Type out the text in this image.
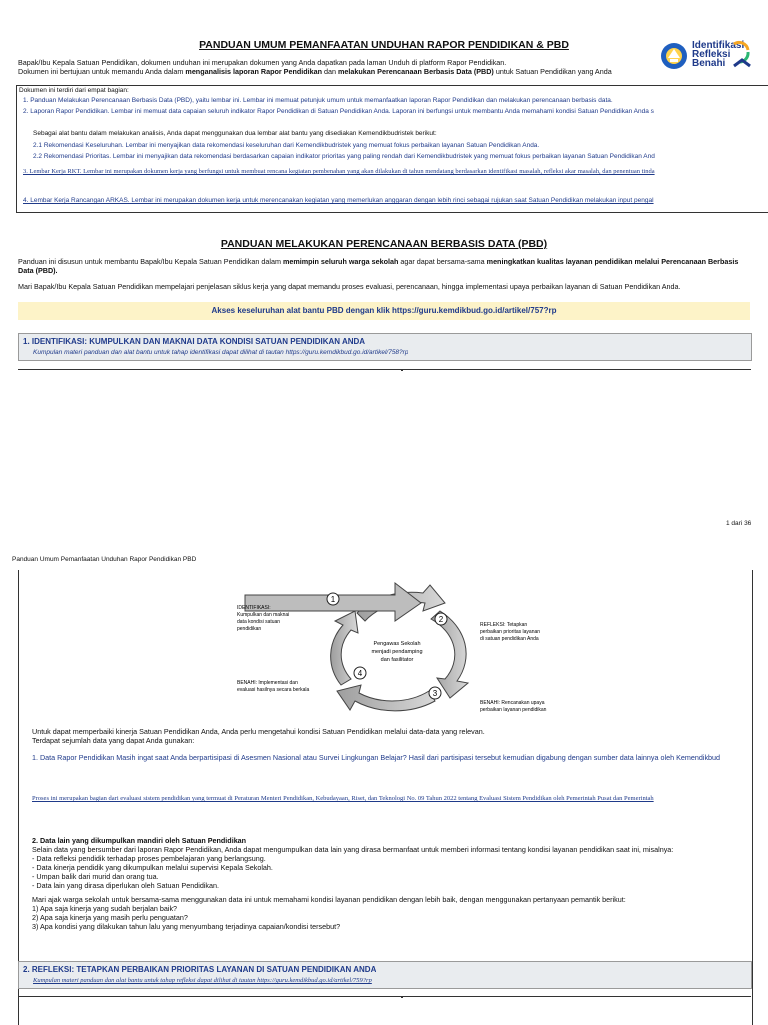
PANDUAN UMUM PEMANFAATAN UNDUHAN RAPOR PENDIDIKAN & PBD	Identifikasi
Refleksi
Benahi
Bapak/Ibu Kepala Satuan Pendidikan, dokumen unduhan ini merupakan dokumen yang Anda dapatkan pada laman Unduh di platform Rapor Pendidikan.
Dokumen ini bertujuan untuk memandu Anda dalam menganalisis laporan Rapor Pendidikan dan melakukan Perencanaan Berbasis Data (PBD) untuk Satuan Pendidikan yang Anda
Dokumen ini terdiri dari empat bagian:
1. Panduan Melakukan Perencanaan Berbasis Data (PBD), yaitu lembar ini. Lembar ini memuat petunjuk umum untuk memanfaatkan laporan Rapor Pendidikan dan melakukan perencanaan berbasis data.
2. Laporan Rapor Pendidikan. Lembar ini memuat data capaian seluruh indikator Rapor Pendidikan di Satuan Pendidikan Anda. Laporan ini berfungsi untuk membantu Anda memahami kondisi Satuan Pendidikan Anda s
Sebagai alat bantu dalam melakukan analisis, Anda dapat menggunakan dua lembar alat bantu yang disediakan Kemendikbudristek berikut:
2.1 Rekomendasi Keseluruhan. Lembar ini menyajikan data rekomendasi keseluruhan dari Kemendikbudristek yang memuat fokus perbaikan layanan Satuan Pendidikan Anda.
2.2 Rekomendasi Prioritas. Lembar ini menyajikan data rekomendasi berdasarkan capaian indikator prioritas yang paling rendah dari Kemendikbudristek yang memuat fokus perbaikan layanan Satuan Pendidikan And
3. Lembar Kerja RKT. Lembar ini merupakan dokumen kerja yang berfungsi untuk membuat rencana kegiatan pembenahan yang akan dilakukan di tahun mendatang berdasarkan identifikasi masalah, refleksi akar masalah, dan penentuan tinda
4. Lembar Kerja Rancangan ARKAS. Lembar ini merupakan dokumen kerja untuk merencanakan kegiatan yang memerlukan anggaran dengan lebih rinci sebagai rujukan saat Satuan Pendidikan melakukan input pengal
PANDUAN MELAKUKAN PERENCANAAN BERBASIS DATA (PBD)
Panduan ini disusun untuk membantu Bapak/Ibu Kepala Satuan Pendidikan dalam memimpin seluruh warga sekolah agar dapat bersama-sama meningkatkan kualitas layanan pendidikan melalui Perencanaan Berbasis Data (PBD).
Mari Bapak/Ibu Kepala Satuan Pendidikan mempelajari penjelasan siklus kerja yang dapat memandu proses evaluasi, perencanaan, hingga implementasi upaya perbaikan layanan di Satuan Pendidikan Anda.
Akses keseluruhan alat bantu PBD dengan klik https://guru.kemdikbud.go.id/artikel/757?rp
1. IDENTIFIKASI: KUMPULKAN DAN MAKNAI DATA KONDISI SATUAN PENDIDIKAN ANDA
Kumpulan materi panduan dan alat bantu untuk tahap identifikasi dapat dilihat di tautan https://guru.kemdikbud.go.id/artikel/758?rp
1 dari 36
Panduan Umum Pemanfaatan Unduhan Rapor Pendidikan PBD
1
2
3
4
Pengawas Sekolah
menjadi pendamping
dan fasilitator
IDENTIFIKASI:
Kumpulkan dan maknai
data kondisi satuan
pendidikan
REFLEKSI: Tetapkan
perbaikan prioritas layanan
di satuan pendidikan Anda
BENAHI: Rencanakan upaya
perbaikan layanan pendidikan
BENAHI: Implementasi dan
evaluasi hasilnya secara berkala
Untuk dapat memperbaiki kinerja Satuan Pendidikan Anda, Anda perlu mengetahui kondisi Satuan Pendidikan melalui data-data yang relevan.
Terdapat sejumlah data yang dapat Anda gunakan:
1. Data Rapor Pendidikan Masih ingat saat Anda berpartisipasi di Asesmen Nasional atau Survei Lingkungan Belajar? Hasil dari partisipasi tersebut kemudian digabung dengan sumber data lainnya oleh Kemendikbud
Proses ini merupakan bagian dari evaluasi sistem pendidikan yang termuat di Peraturan Menteri Pendidikan, Kebudayaan, Riset, dan Teknologi No. 09 Tahun 2022 tentang Evaluasi Sistem Pendidikan oleh Pemerintah Pusat dan Pemerintah
2. Data lain yang dikumpulkan mandiri oleh Satuan Pendidikan
Selain data yang bersumber dari laporan Rapor Pendidikan, Anda dapat mengumpulkan data lain yang dirasa bermanfaat untuk memberi informasi tentang kondisi layanan pendidikan saat ini, misalnya:
- Data refleksi pendidik terhadap proses pembelajaran yang berlangsung.
- Data kinerja pendidik yang dikumpulkan melalui supervisi Kepala Sekolah.
- Umpan balik dari murid dan orang tua.
- Data lain yang dirasa diperlukan oleh Satuan Pendidikan.
Mari ajak warga sekolah untuk bersama-sama menggunakan data ini untuk memahami kondisi layanan pendidikan dengan lebih baik, dengan menggunakan pertanyaan pemantik berikut:
1) Apa saja kinerja yang sudah berjalan baik?
2) Apa saja kinerja yang masih perlu penguatan?
3) Apa kondisi yang dilakukan tahun lalu yang menyumbang terjadinya capaian/kondisi tersebut?
2. REFLEKSI: TETAPKAN PERBAIKAN PRIORITAS LAYANAN DI SATUAN PENDIDIKAN ANDA
Kumpulan materi panduan dan alat bantu untuk tahap refleksi dapat dilihat di tautan https://guru.kemdikbud.go.id/artikel/759?rp
